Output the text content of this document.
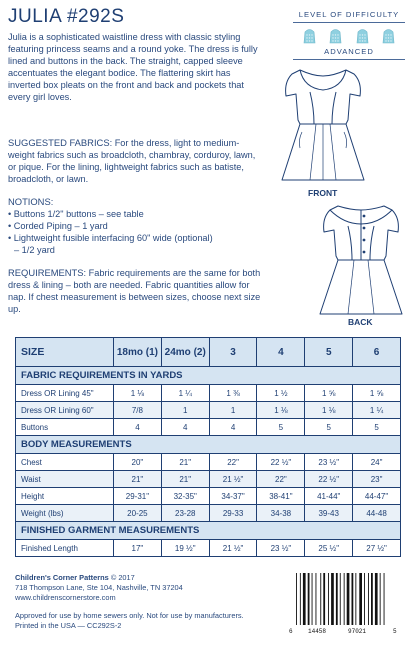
JULIA #292S

Julia is a sophisticated waistline dress with classic styling featuring princess seams and a round yoke. The dress is fully lined and buttons in the back. The straight, capped sleeve accentuates the elegant bodice. The flattering skirt has inverted box pleats on the front and back and pockets that every girl loves.

SUGGESTED FABRICS: For the dress, light to medium-weight fabrics such as broadcloth, chambray, corduroy, lawn, or pique. For the lining, lightweight fabrics such as batiste, broadcloth, or lawn.

NOTIONS:
• Buttons 1/2" buttons – see table
• Corded Piping – 1 yard
• Lightweight fusible interfacing 60" wide (optional)
– 1/2 yard

REQUIREMENTS: Fabric requirements are the same for both dress & lining – both are needed. Fabric quantities allow for nap. If chest measurement is between sizes, choose next size up.

LEVEL OF DIFFICULTY
ADVANCED
FRONT
BACK
SIZE	18mo (1)	24mo (2)	3	4	5	6
FABRIC REQUIREMENTS IN YARDS						
Dress OR Lining 45"	1 ⅛	1 ¼	1 ⅜	1 ½	1 ⅝	1 ⅝
Dress OR Lining 60"	7/8	1	1	1 ⅛	1 ⅛	1 ¼
Buttons	4	4	4	5	5	5
BODY MEASUREMENTS						
Chest	20"	21"	22"	22 ½"	23 ½"	24"
Waist	21"	21"	21 ½"	22"	22 ½"	23"
Height	29-31"	32-35"	34-37"	38-41"	41-44"	44-47"
Weight (lbs)	20-25	23-28	29-33	34-38	39-43	44-48
FINISHED GARMENT MEASUREMENTS						
Finished Length	17"	19 ½"	21 ½"	23 ½"	25 ½"	27 ½"
Children's Corner Patterns © 2017
718 Thompson Lane, Ste 104, Nashville, TN 37204
www.childrenscornerstore.com
Approved for use by home sewers only. Not for use by manufacturers.
Printed in the USA — CC292S-2
6	14458	97021	5
